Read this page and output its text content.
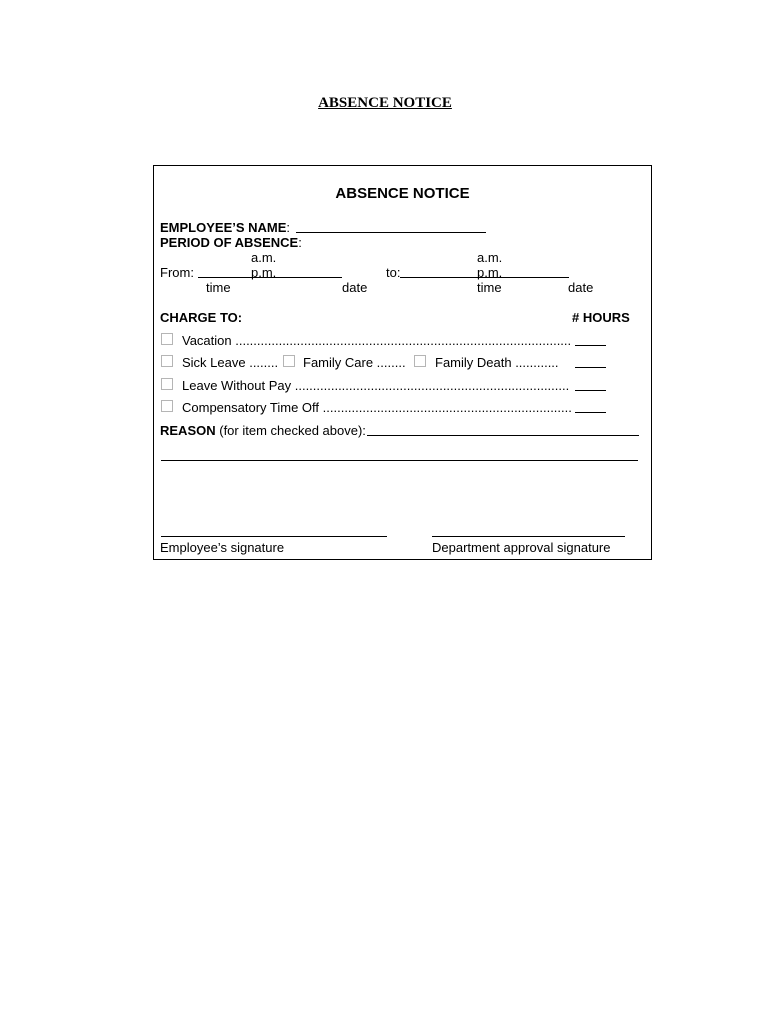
ABSENCE NOTICE
ABSENCE NOTICE
EMPLOYEE’S NAME:
PERIOD OF ABSENCE:
a.m.
From:	p.m.
time	date
a.m.
to:	p.m.
time	date
CHARGE TO:	# HOURS
Vacation .............................................................................................
Sick Leave ........ Family Care ........ Family Death ............
Leave Without Pay ............................................................................
Compensatory Time Off .....................................................................
REASON (for item checked above):
Employee’s signature	Department approval signature
